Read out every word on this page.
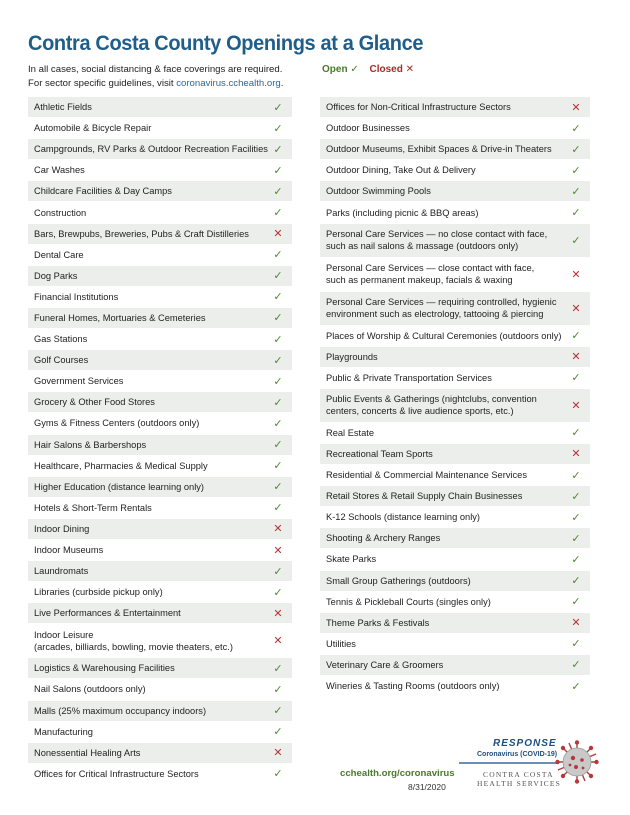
Contra Costa County Openings at a Glance
In all cases, social distancing & face coverings are required.
For sector specific guidelines, visit coronavirus.cchealth.org.
Open ✓ Closed ✕
Athletic Fields	✓
Automobile & Bicycle Repair	✓
Campgrounds, RV Parks & Outdoor Recreation Facilities ✓
Car Washes	✓
Childcare Facilities & Day Camps	✓
Construction	✓
Bars, Brewpubs, Breweries, Pubs & Craft Distilleries	✕
Dental Care	✓
Dog Parks	✓
Financial Institutions	✓
Funeral Homes, Mortuaries & Cemeteries	✓
Gas Stations	✓
Golf Courses	✓
Government Services	✓
Grocery & Other Food Stores	✓
Gyms & Fitness Centers (outdoors only)	✓
Hair Salons & Barbershops	✓
Healthcare, Pharmacies & Medical Supply	✓
Higher Education (distance learning only)	✓
Hotels & Short-Term Rentals	✓
Indoor Dining	✕
Indoor Museums	✕
Laundromats	✓
Libraries (curbside pickup only)	✓
Live Performances & Entertainment	✕
Indoor Leisure
(arcades, billiards, bowling, movie theaters, etc.)	✕
Logistics & Warehousing Facilities	✓
Nail Salons (outdoors only)	✓
Malls (25% maximum occupancy indoors)	✓
Manufacturing	✓
Nonessential Healing Arts	✕
Offices for Critical Infrastructure Sectors	✓
Offices for Non-Critical Infrastructure Sectors	✕
Outdoor Businesses	✓
Outdoor Museums, Exhibit Spaces & Drive-in Theaters	✓
Outdoor Dining, Take Out & Delivery	✓
Outdoor Swimming Pools	✓
Parks (including picnic & BBQ areas)	✓
Personal Care Services — no close contact with face,
such as nail salons & massage (outdoors only)	✓
Personal Care Services — close contact with face,
such as permanent makeup, facials & waxing	✕
Personal Care Services — requiring controlled, hygienic
environment such as electrology, tattooing & piercing	✕
Places of Worship & Cultural Ceremonies (outdoors only) ✓
Playgrounds	✕
Public & Private Transportation Services	✓
Public Events & Gatherings (nightclubs, convention
centers, concerts & live audience sports, etc.)	✕
Real Estate	✓
Recreational Team Sports	✕
Residential & Commercial Maintenance Services	✓
Retail Stores & Retail Supply Chain Businesses	✓
K-12 Schools (distance learning only)	✓
Shooting & Archery Ranges	✓
Skate Parks	✓
Small Group Gatherings (outdoors)	✓
Tennis & Pickleball Courts (singles only)	✓
Theme Parks & Festivals	✕
Utilities	✓
Veterinary Care & Groomers	✓
Wineries & Tasting Rooms (outdoors only)	✓
cchealth.org/coronavirus
8/31/2020
RESPONSE
Coronavirus (COVID-19)
CONTRA COSTA
HEALTH SERVICES
